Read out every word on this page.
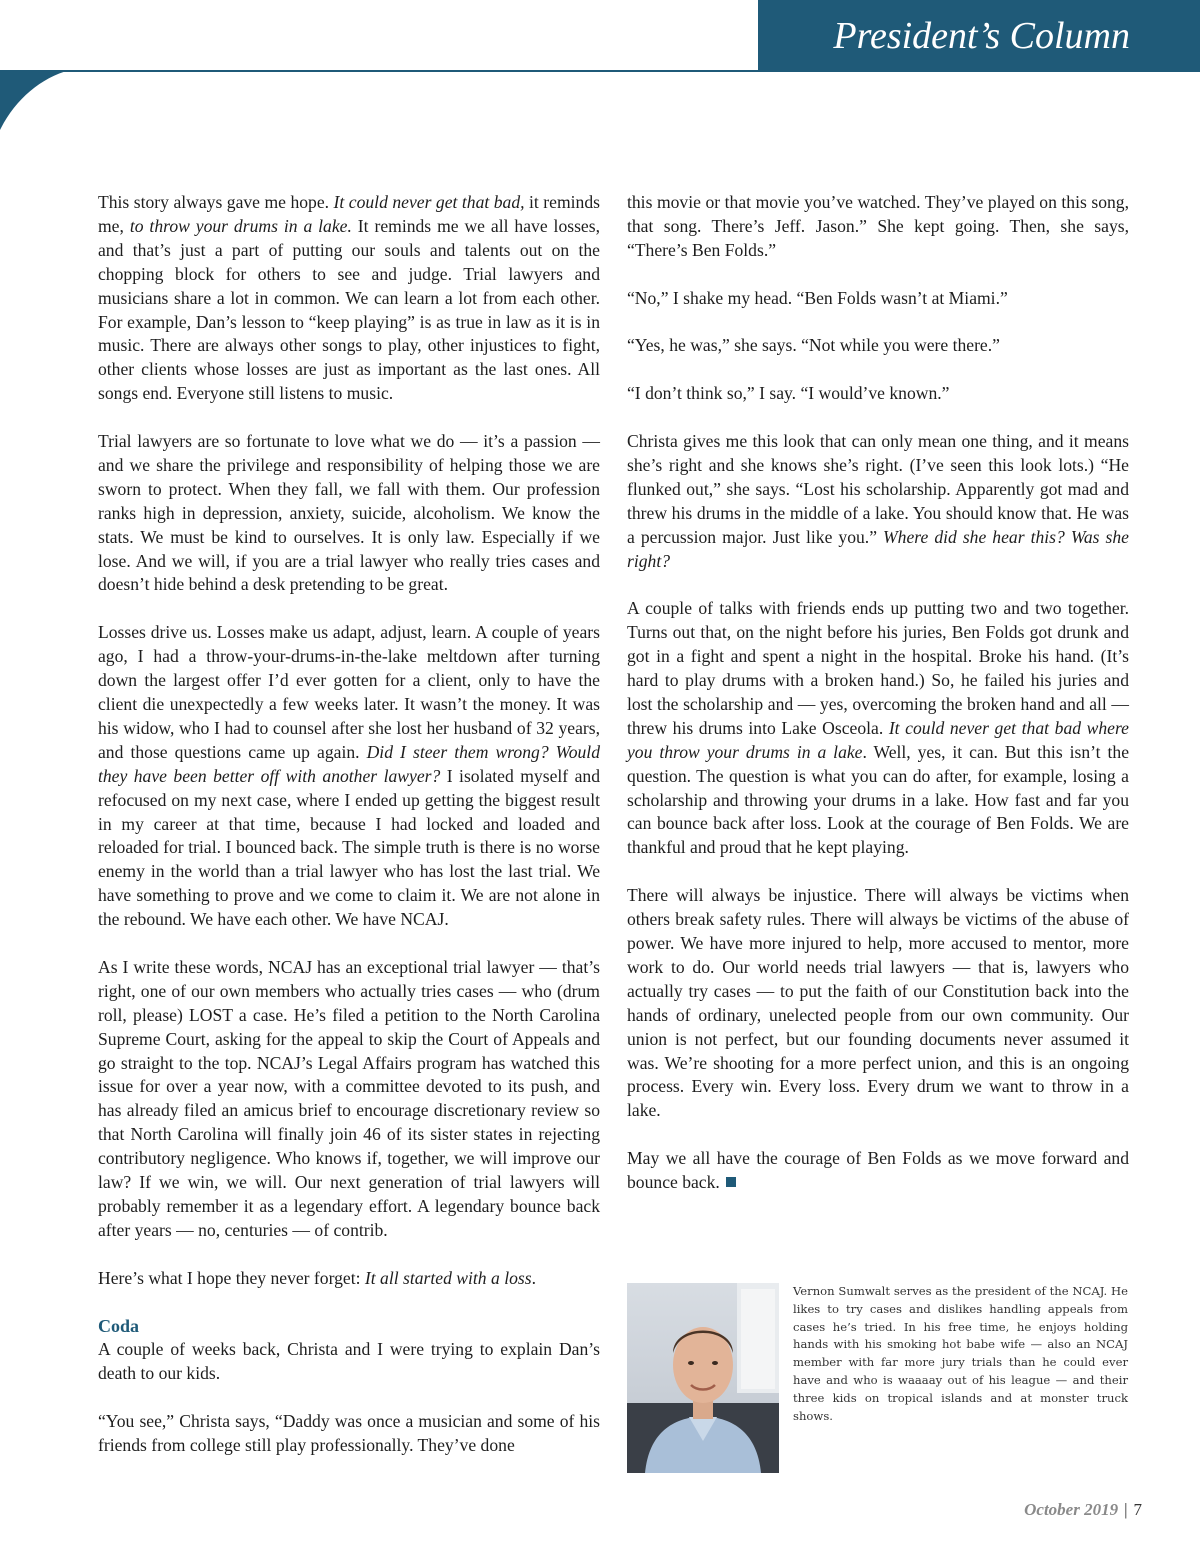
President’s Column

This story always gave me hope. It could never get that bad, it reminds me, to throw your drums in a lake. It reminds me we all have losses, and that’s just a part of putting our souls and talents out on the chopping block for others to see and judge. Trial lawyers and musicians share a lot in common. We can learn a lot from each other. For example, Dan’s lesson to “keep playing” is as true in law as it is in music. There are always other songs to play, other injustices to fight, other clients whose losses are just as important as the last ones. All songs end. Everyone still listens to music.

Trial lawyers are so fortunate to love what we do — it’s a passion — and we share the privilege and responsibility of helping those we are sworn to protect. When they fall, we fall with them. Our profession ranks high in depression, anxiety, suicide, alcoholism. We know the stats. We must be kind to ourselves. It is only law. Especially if we lose. And we will, if you are a trial lawyer who really tries cases and doesn’t hide behind a desk pretending to be great.

Losses drive us. Losses make us adapt, adjust, learn. A couple of years ago, I had a throw-your-drums-in-the-lake meltdown after turning down the largest offer I’d ever gotten for a client, only to have the client die unexpectedly a few weeks later. It wasn’t the money. It was his widow, who I had to counsel after she lost her husband of 32 years, and those questions came up again. Did I steer them wrong? Would they have been better off with another lawyer? I isolated myself and refocused on my next case, where I ended up getting the biggest result in my career at that time, because I had locked and loaded and reloaded for trial. I bounced back. The simple truth is there is no worse enemy in the world than a trial lawyer who has lost the last trial. We have something to prove and we come to claim it. We are not alone in the rebound. We have each other. We have NCAJ.

As I write these words, NCAJ has an exceptional trial lawyer — that’s right, one of our own members who actually tries cases — who (drum roll, please) LOST a case. He’s filed a petition to the North Carolina Supreme Court, asking for the appeal to skip the Court of Appeals and go straight to the top. NCAJ’s Legal Affairs program has watched this issue for over a year now, with a committee devoted to its push, and has already filed an amicus brief to encourage discretionary review so that North Carolina will finally join 46 of its sister states in rejecting contributory negligence. Who knows if, together, we will improve our law? If we win, we will. Our next generation of trial lawyers will probably remember it as a legendary effort. A legendary bounce back after years — no, centuries — of contrib.

Here’s what I hope they never forget: It all started with a loss.

Coda

A couple of weeks back, Christa and I were trying to explain Dan’s death to our kids.

“You see,” Christa says, “Daddy was once a musician and some of his friends from college still play professionally. They’ve done

this movie or that movie you’ve watched. They’ve played on this song, that song. There’s Jeff. Jason.” She kept going. Then, she says, “There’s Ben Folds.”

“No,” I shake my head. “Ben Folds wasn’t at Miami.”

“Yes, he was,” she says. “Not while you were there.”

“I don’t think so,” I say. “I would’ve known.”

Christa gives me this look that can only mean one thing, and it means she’s right and she knows she’s right. (I’ve seen this look lots.) “He flunked out,” she says. “Lost his scholarship. Apparently got mad and threw his drums in the middle of a lake. You should know that. He was a percussion major. Just like you.” Where did she hear this? Was she right?

A couple of talks with friends ends up putting two and two together. Turns out that, on the night before his juries, Ben Folds got drunk and got in a fight and spent a night in the hospital. Broke his hand. (It’s hard to play drums with a broken hand.) So, he failed his juries and lost the scholarship and — yes, overcoming the broken hand and all — threw his drums into Lake Osceola. It could never get that bad where you throw your drums in a lake. Well, yes, it can. But this isn’t the question. The question is what you can do after, for example, losing a scholarship and throwing your drums in a lake. How fast and far you can bounce back after loss. Look at the courage of Ben Folds. We are thankful and proud that he kept playing.

There will always be injustice. There will always be victims when others break safety rules. There will always be victims of the abuse of power. We have more injured to help, more accused to mentor, more work to do. Our world needs trial lawyers — that is, lawyers who actually try cases — to put the faith of our Constitution back into the hands of ordinary, unelected people from our own community. Our union is not perfect, but our founding documents never assumed it was. We’re shooting for a more perfect union, and this is an ongoing process. Every win. Every loss. Every drum we want to throw in a lake.

May we all have the courage of Ben Folds as we move forward and bounce back.

Vernon Sumwalt serves as the president of the NCAJ. He likes to try cases and dislikes handling appeals from cases he’s tried. In his free time, he enjoys holding hands with his smoking hot babe wife — also an NCAJ member with far more jury trials than he could ever have and who is waaaay out of his league — and their three kids on tropical islands and at monster truck shows.
October 2019 | 7
